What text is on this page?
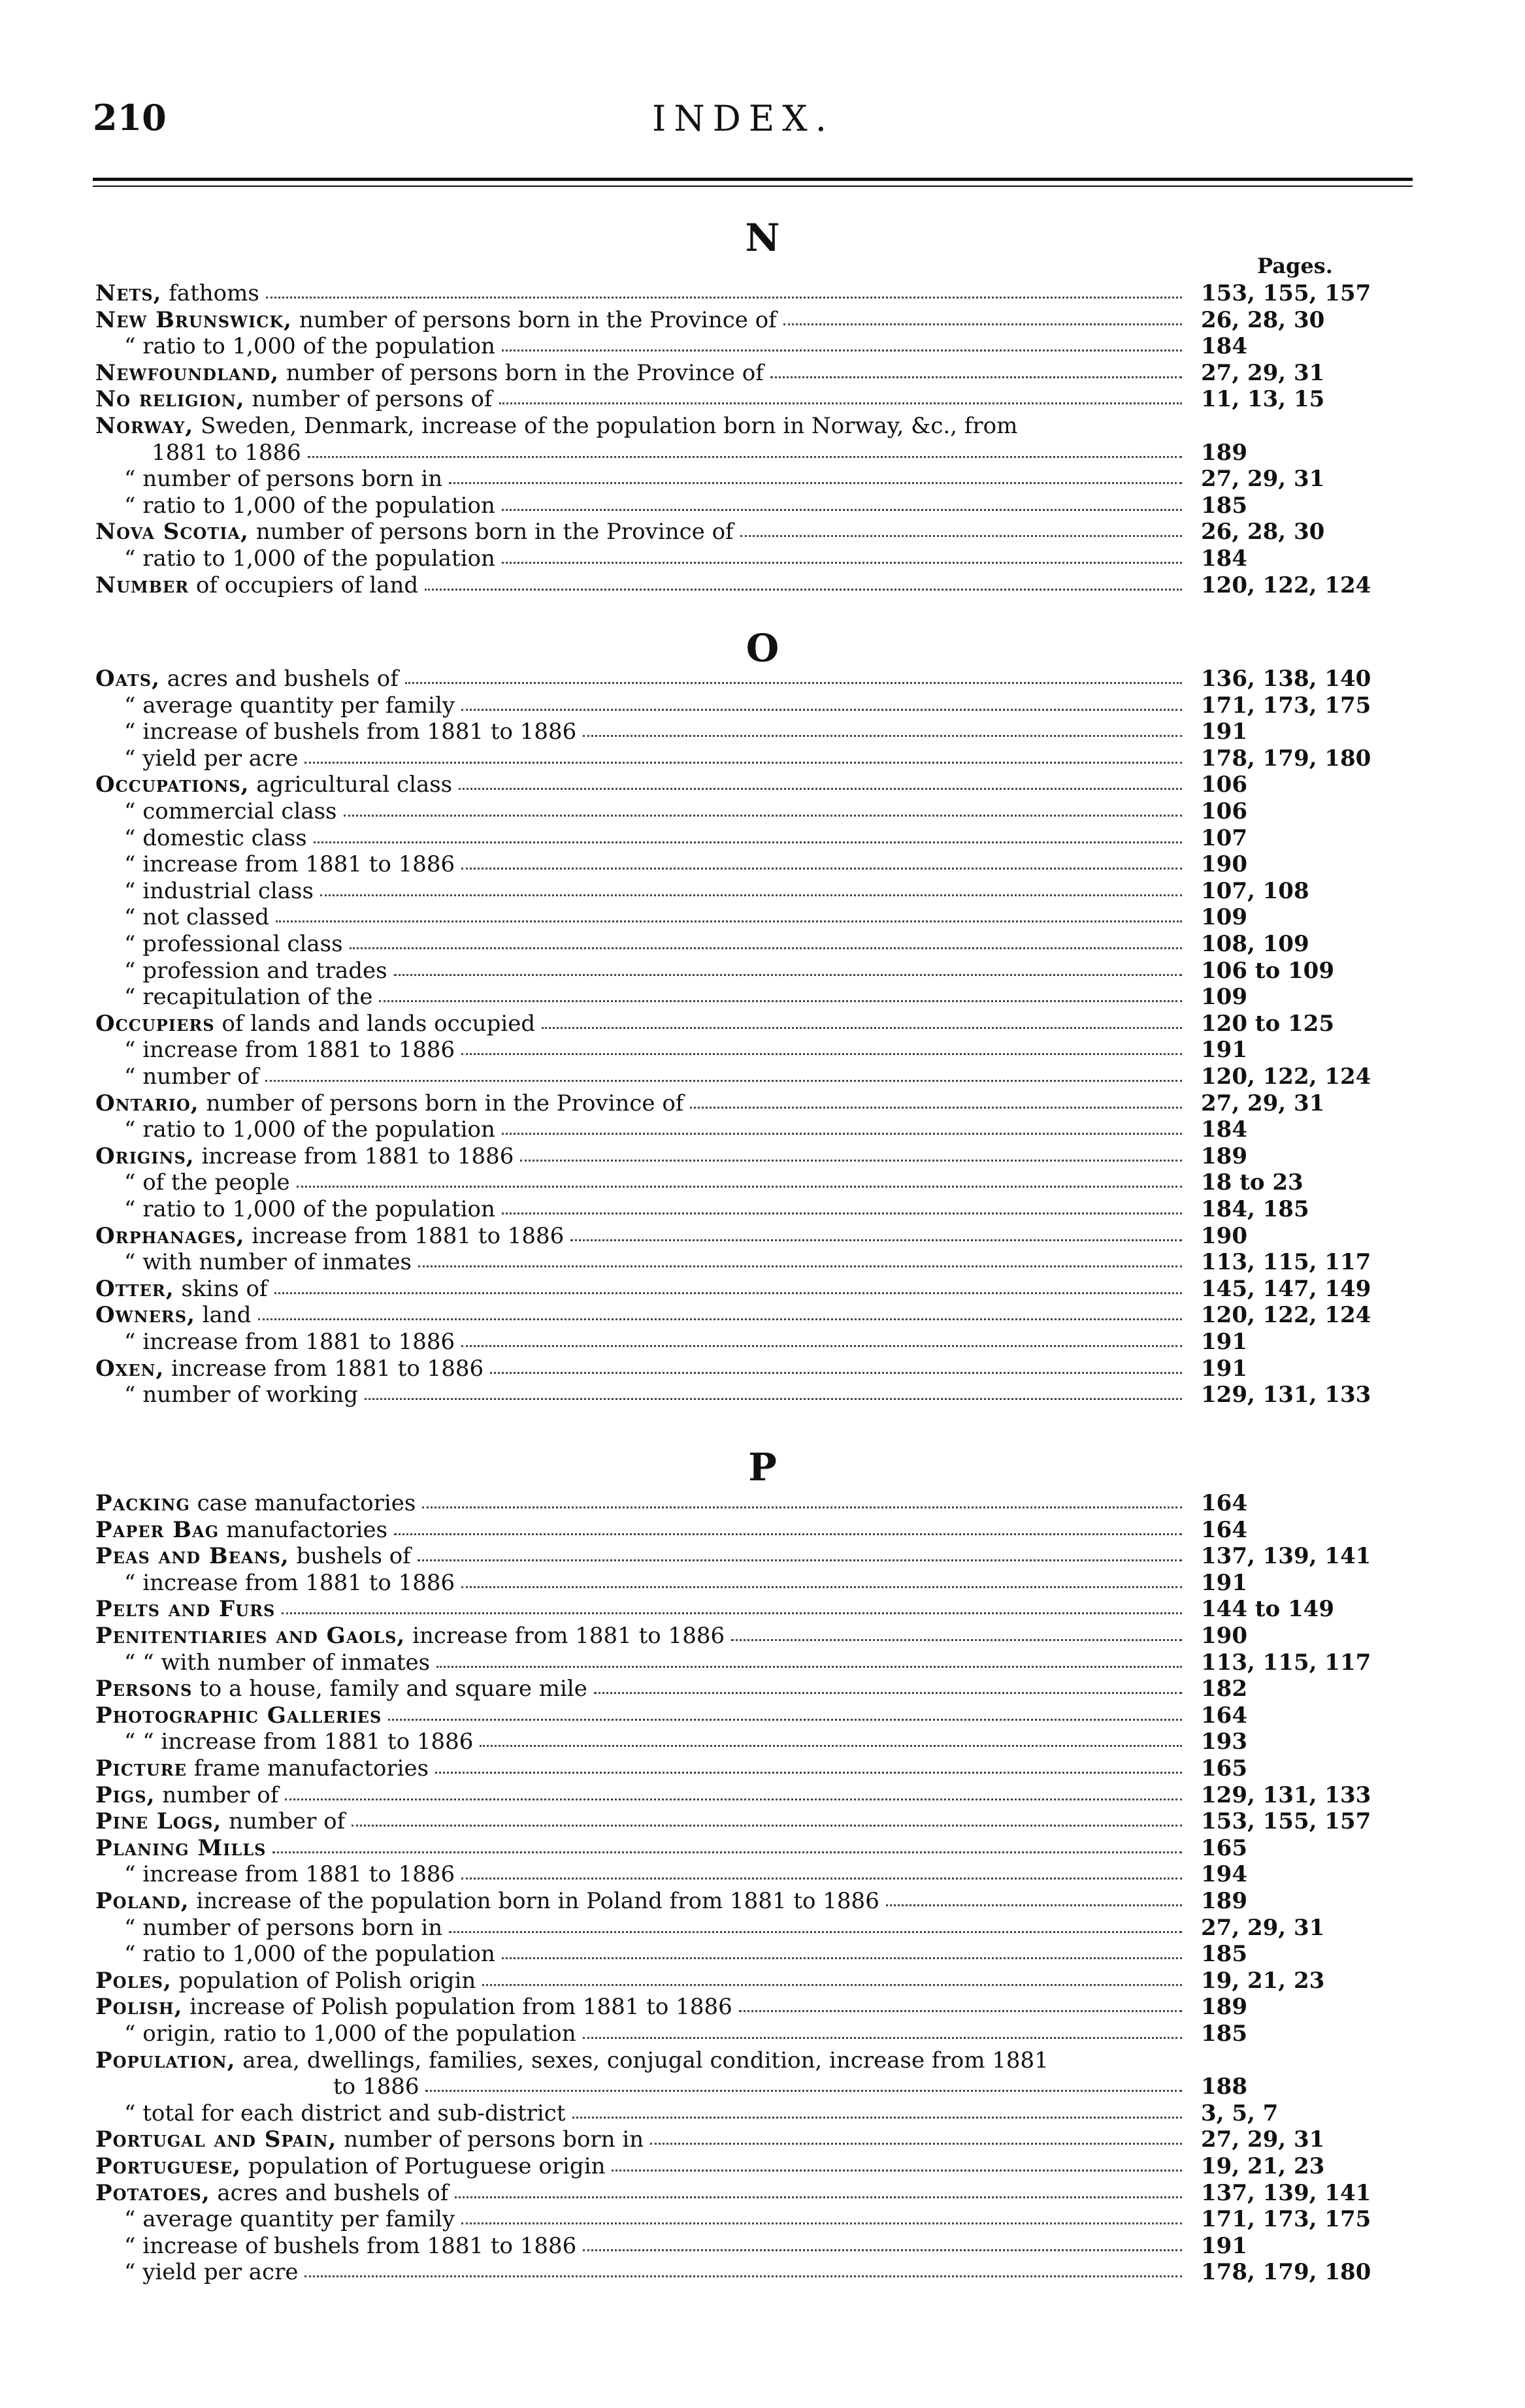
210	INDEX.
Pages.
N
Nets, fathoms	153, 155, 157
New Brunswick, number of persons born in the Province of	26, 28, 30
“ ratio to 1,000 of the population	184
Newfoundland, number of persons born in the Province of	27, 29, 31
No religion, number of persons of	11, 13, 15
Norway, Sweden, Denmark, increase of the population born in Norway, &c., from
1881 to 1886	189
“ number of persons born in	27, 29, 31
“ ratio to 1,000 of the population	185
Nova Scotia, number of persons born in the Province of	26, 28, 30
“ ratio to 1,000 of the population	184
Number of occupiers of land	120, 122, 124
O
Oats, acres and bushels of	136, 138, 140
“ average quantity per family	171, 173, 175
“ increase of bushels from 1881 to 1886	191
“ yield per acre	178, 179, 180
Occupations, agricultural class	106
“ commercial class	106
“ domestic class	107
“ increase from 1881 to 1886	190
“ industrial class	107, 108
“ not classed	109
“ professional class	108, 109
“ profession and trades	106 to 109
“ recapitulation of the	109
Occupiers of lands and lands occupied	120 to 125
“ increase from 1881 to 1886	191
“ number of	120, 122, 124
Ontario, number of persons born in the Province of	27, 29, 31
“ ratio to 1,000 of the population	184
Origins, increase from 1881 to 1886	189
“ of the people	18 to 23
“ ratio to 1,000 of the population	184, 185
Orphanages, increase from 1881 to 1886	190
“ with number of inmates	113, 115, 117
Otter, skins of	145, 147, 149
Owners, land	120, 122, 124
“ increase from 1881 to 1886	191
Oxen, increase from 1881 to 1886	191
“ number of working	129, 131, 133
P
Packing case manufactories	164
Paper Bag manufactories	164
Peas and Beans, bushels of	137, 139, 141
“ increase from 1881 to 1886	191
Pelts and Furs	144 to 149
Penitentiaries and Gaols, increase from 1881 to 1886	190
“ “ with number of inmates	113, 115, 117
Persons to a house, family and square mile	182
Photographic Galleries	164
“ “ increase from 1881 to 1886	193
Picture frame manufactories	165
Pigs, number of	129, 131, 133
Pine Logs, number of	153, 155, 157
Planing Mills	165
“ increase from 1881 to 1886	194
Poland, increase of the population born in Poland from 1881 to 1886	189
“ number of persons born in	27, 29, 31
“ ratio to 1,000 of the population	185
Poles, population of Polish origin	19, 21, 23
Polish, increase of Polish population from 1881 to 1886	189
“ origin, ratio to 1,000 of the population	185
Population, area, dwellings, families, sexes, conjugal condition, increase from 1881
to 1886	188
“ total for each district and sub-district	3, 5, 7
Portugal and Spain, number of persons born in	27, 29, 31
Portuguese, population of Portuguese origin	19, 21, 23
Potatoes, acres and bushels of	137, 139, 141
“ average quantity per family	171, 173, 175
“ increase of bushels from 1881 to 1886	191
“ yield per acre	178, 179, 180
